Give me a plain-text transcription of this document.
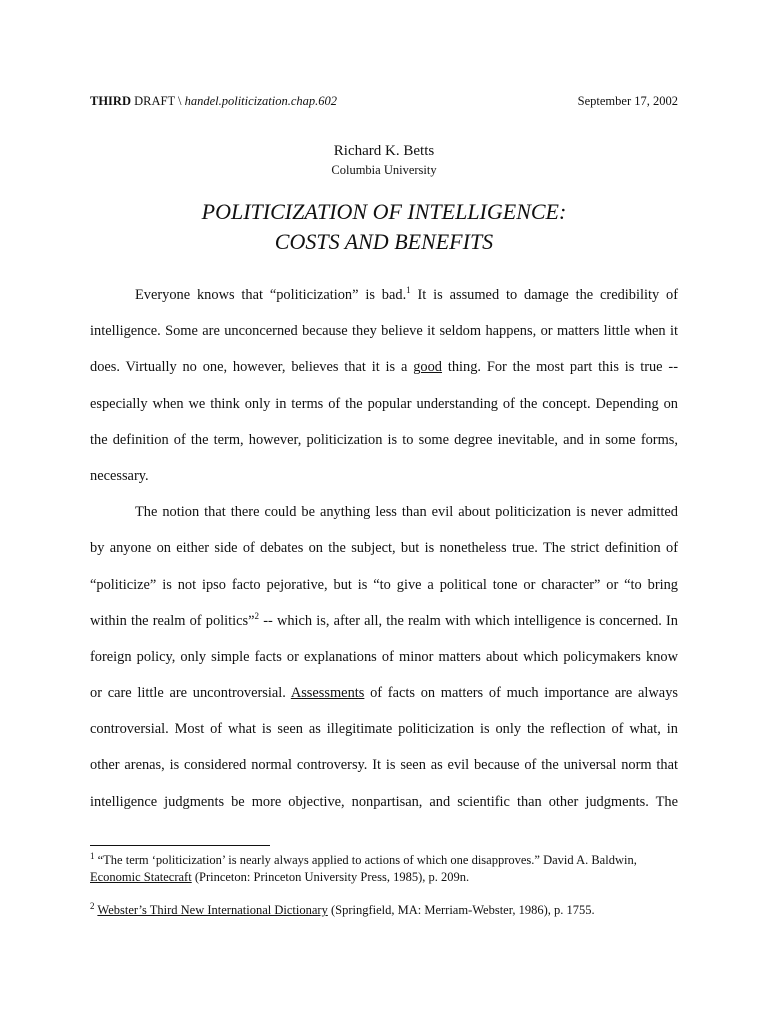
THIRD DRAFT \ handel.politicization.chap.602	September 17, 2002
Richard K. Betts
Columbia University
POLITICIZATION OF INTELLIGENCE:
COSTS AND BENEFITS
Everyone knows that “politicization” is bad.$^1$ It is assumed to damage the credibility of
intelligence. Some are unconcerned because they believe it seldom happens, or matters little when it
does. Virtually no one, however, believes that it is a good thing. For the most part this is true --
especially when we think only in terms of the popular understanding of the concept. Depending on
the definition of the term, however, politicization is to some degree inevitable, and in some forms,
necessary.
The notion that there could be anything less than evil about politicization is never admitted
by anyone on either side of debates on the subject, but is nonetheless true. The strict definition of
“politicize” is not ipso facto pejorative, but is “to give a political tone or character” or “to bring
within the realm of politics”$^2$ -- which is, after all, the realm with which intelligence is concerned. In
foreign policy, only simple facts or explanations of minor matters about which policymakers know
or care little are uncontroversial. Assessments of facts on matters of much importance are always
controversial. Most of what is seen as illegitimate politicization is only the reflection of what, in
other arenas, is considered normal controversy. It is seen as evil because of the universal norm that
intelligence judgments be more objective, nonpartisan, and scientific than other judgments. The
$^1$ “The term ‘politicization’ is nearly always applied to actions of which one disapproves.” David A. Baldwin,
Economic Statecraft (Princeton: Princeton University Press, 1985), p. 209n.
$^2$ Webster’s Third New International Dictionary (Springfield, MA: Merriam-Webster, 1986), p. 1755.
